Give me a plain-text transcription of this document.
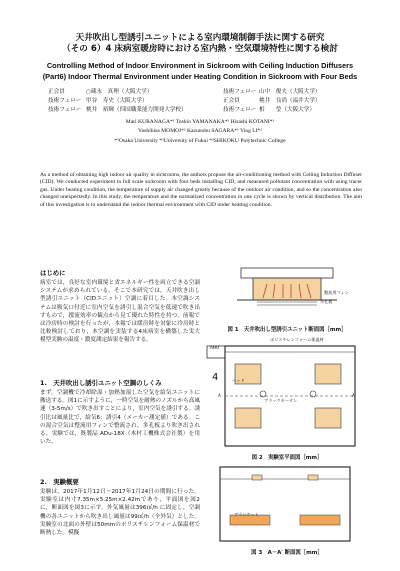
天井吹出し型誘引ユニットによる室内環境制御手法に関する研究
（その 6）4 床病室暖房時における室内熱・空気環境特性に関する検討
Controlling Method of Indoor Environment in Sickroom with Ceiling Induction Diffusers
(Part6) Indoor Thermal Environment under Heating Condition in Sickroom with Four Beds
正会員	○蔵永　真理（大阪大学）
技術フェロー 甲谷　寿史（大阪大学）
技術フェロー 桃井　裕輝（四国職業能力開発大学校）
技術フェロー 山中　俊夫（大阪大学）
正会員	桃井　良尚（福井大学）
技術フェロー 相　　瑩（大阪大学）
Mari KURANAGA*¹ Toshio YAMANAKA*¹ Hisashi KOTANI*¹
Yoshihisa MOMOI*² Kazunobu SAGARA*¹ Ying LI*¹
*¹Osaka University *²University of Fukui *³SHIKOKU Polytechnic College
As a method of obtaining high indoor air quality in sickrooms, the authors propose the air-conditioning method with Ceiling Induction Diffuser (CID). We conducted experiment in full scale sickroom with four beds installing CID, and measured pollutant concentration with using tracer gas. Under heating condition, the temperature of supply air changed greatly because of the outdoor air condition, and so the concentration also changed unexpectedly. In this study, the temperature and the normalized concentration in one cycle is shown by vertical distribution. The aim of this investigation is to understand the indoor thermal environment with CID under heating condition.
はじめに
病室では，良好な室内環境と省エネルギー性を両立できる空調システムが求められている。そこで本研究では，天井吹き出し型誘引ユニット（CIDユニット）空調に着目した。本空調システムは吸気口付近に室内空気を誘引し混合空気を低速で吹き出すもので，撹流効率の観点から見て優れた特性を持つ。前報では冷房時の検討を行ったが，本報では暖房時を対象に冷房時と比較検討しており，本空調を実装する4床病室を構築した実大模型実験の温度・濃度測定結果を報告する。
1.　天井吹出し誘引ユニット空調のしくみ
まず，空調機で冷却除湿・加熱加湿した空気を給気ユニットに搬送する。図1に示すように，一時空気を耐熱のノズルから高風速（3-5m/s）で吹き出すことにより，室内空気を誘引する。誘引比は風量比で，給気6：誘引4（メーカー測定値）である。この混合空気は整流用フィンで整流され，多孔板より吹き出される。実験では，既製品 ADu-18X（木村工機株式会社製）を用いた。
2.　実験概要
実験は，2017年1月12日～2017年1月24日の期間に行った。実験室は内寸7.35m×5.25m×2.42mであり，平面図を図2に，断面図を図3に示す。外気風量は396㎥/h に固定し，空調機の各ユニットから吹き出し風量は99㎥/h（全外気）とした。実験室の北面の外壁は50mmのポリスチレンフォーム保温材で断熱した。模擬
整流用フィン
多孔板
図 1　天井吹出し型誘引ユニット断面図［mm］
AHU
ポリスチレンフォーム保温材
ブラックカーテン
ベッド
A	A′
4
図 2　実験室平面図［mm］
ブランケット
図 3　A－A′ 断面図［mm］
